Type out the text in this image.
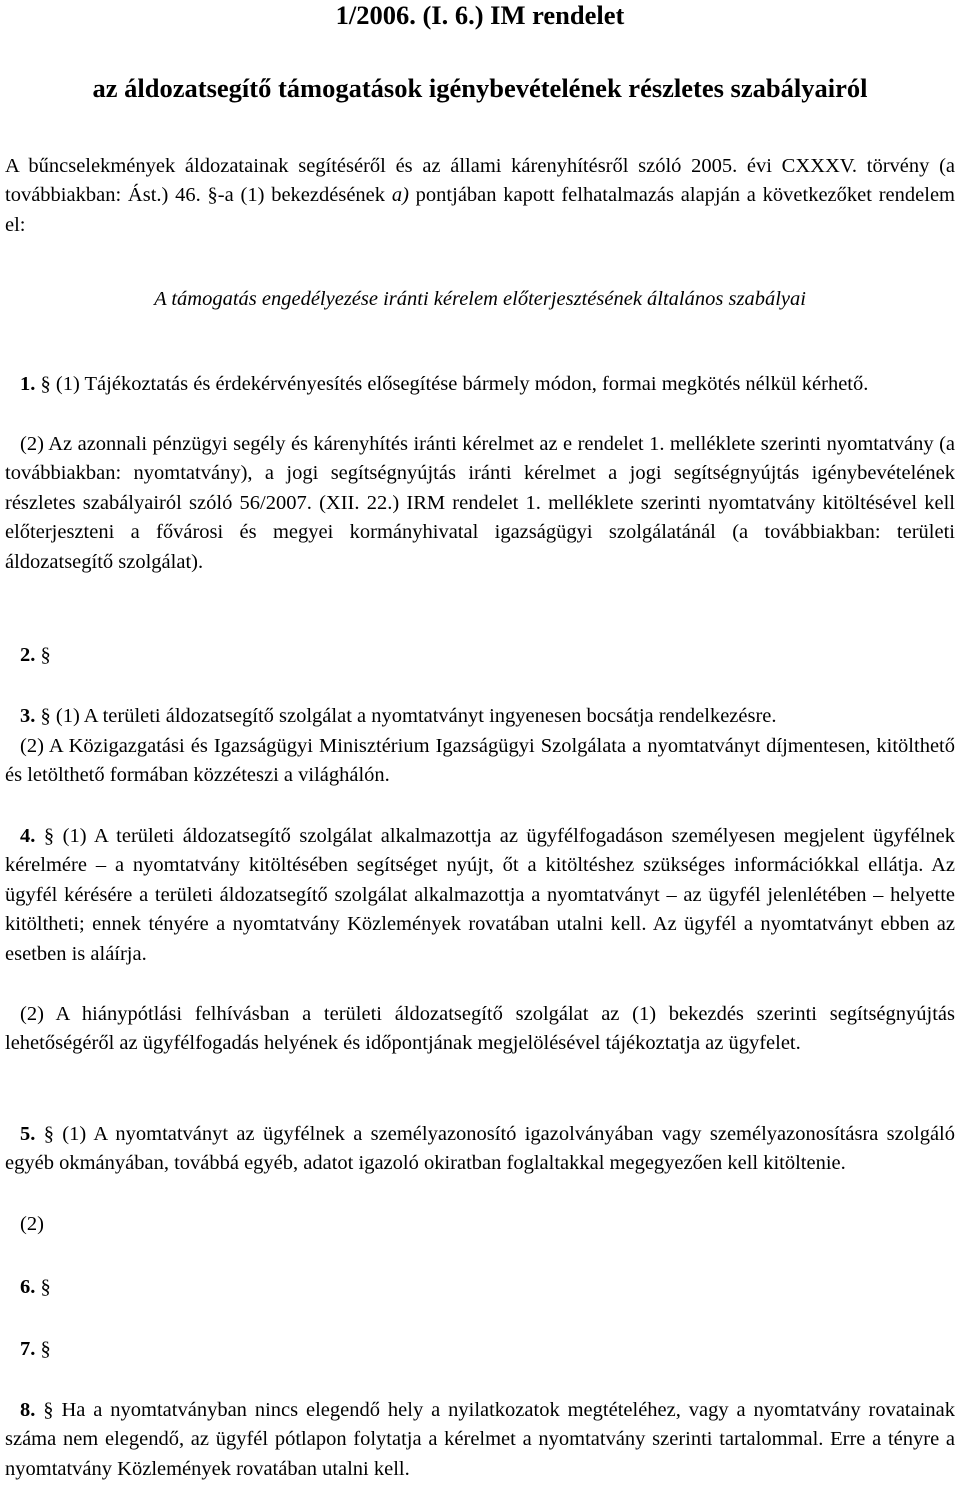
1/2006. (I. 6.) IM rendelet
az áldozatsegítő támogatások igénybevételének részletes szabályairól

A bűncselekmények áldozatainak segítéséről és az állami kárenyhítésről szóló 2005. évi CXXXV. törvény (a továbbiakban: Ást.) 46. §-a (1) bekezdésének a) pontjában kapott felhatalmazás alapján a következőket rendelem el:

A támogatás engedélyezése iránti kérelem előterjesztésének általános szabályai

1. § (1) Tájékoztatás és érdekérvényesítés elősegítése bármely módon, formai megkötés nélkül kérhető.

(2) Az azonnali pénzügyi segély és kárenyhítés iránti kérelmet az e rendelet 1. melléklete szerinti nyomtatvány (a továbbiakban: nyomtatvány), a jogi segítségnyújtás iránti kérelmet a jogi segítségnyújtás igénybevételének részletes szabályairól szóló 56/2007. (XII. 22.) IRM rendelet 1. melléklete szerinti nyomtatvány kitöltésével kell előterjeszteni a fővárosi és megyei kormányhivatal igazságügyi szolgálatánál (a továbbiakban: területi áldozatsegítő szolgálat).

2. §

3. § (1) A területi áldozatsegítő szolgálat a nyomtatványt ingyenesen bocsátja rendelkezésre.

(2) A Közigazgatási és Igazságügyi Minisztérium Igazságügyi Szolgálata a nyomtatványt díjmentesen, kitölthető és letölthető formában közzéteszi a világhálón.

4. § (1) A területi áldozatsegítő szolgálat alkalmazottja az ügyfélfogadáson személyesen megjelent ügyfélnek kérelmére – a nyomtatvány kitöltésében segítséget nyújt, őt a kitöltéshez szükséges információkkal ellátja. Az ügyfél kérésére a területi áldozatsegítő szolgálat alkalmazottja a nyomtatványt – az ügyfél jelenlétében – helyette kitöltheti; ennek tényére a nyomtatvány Közlemények rovatában utalni kell. Az ügyfél a nyomtatványt ebben az esetben is aláírja.

(2) A hiánypótlási felhívásban a területi áldozatsegítő szolgálat az (1) bekezdés szerinti segítségnyújtás lehetőségéről az ügyfélfogadás helyének és időpontjának megjelölésével tájékoztatja az ügyfelet.

5. § (1) A nyomtatványt az ügyfélnek a személyazonosító igazolványában vagy személyazonosításra szolgáló egyéb okmányában, továbbá egyéb, adatot igazoló okiratban foglaltakkal megegyezően kell kitöltenie.

(2)

6. §

7. §

8. § Ha a nyomtatványban nincs elegendő hely a nyilatkozatok megtételéhez, vagy a nyomtatvány rovatainak száma nem elegendő, az ügyfél pótlapon folytatja a kérelmet a nyomtatvány szerinti tartalommal. Erre a tényre a nyomtatvány Közlemények rovatában utalni kell.
